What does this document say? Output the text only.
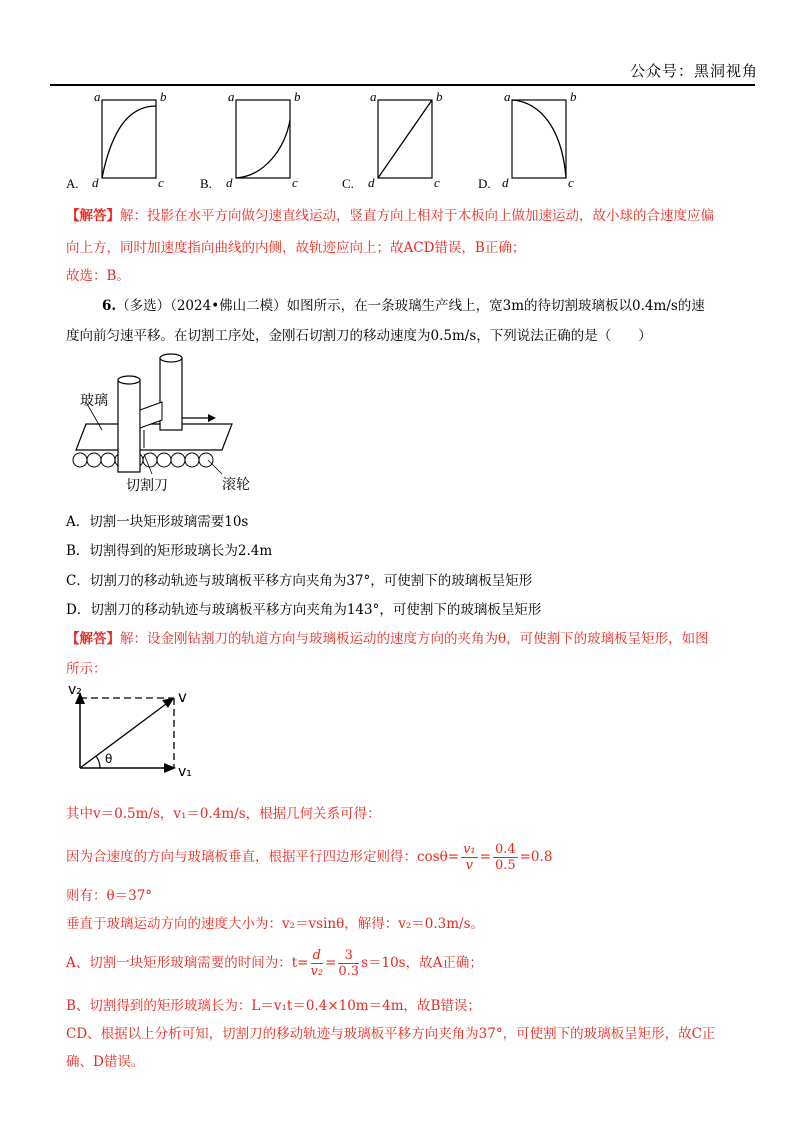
公众号：黑洞视角
A.
a	b
d	c	B.
a	b
d	c	C.
a	b
d	c	D.
a	b
d	c
【解答】解：投影在水平方向做匀速直线运动，竖直方向上相对于木板向上做加速运动，故小球的合速度应偏
向上方，同时加速度指向曲线的内侧，故轨迹应向上；故ACD错误，B正确；
故选：B。
6.（多选）（2024•佛山二模）如图所示，在一条玻璃生产线上，宽3m的待切割玻璃板以0.4m/s的速
度向前匀速平移。在切割工序处，金刚石切割刀的移动速度为0.5m/s，下列说法正确的是（　　）
玻璃
切割刀	滚轮
A．切割一块矩形玻璃需要10s
B．切割得到的矩形玻璃长为2.4m
C．切割刀的移动轨迹与玻璃板平移方向夹角为37°，可使割下的玻璃板呈矩形
D．切割刀的移动轨迹与玻璃板平移方向夹角为143°，可使割下的玻璃板呈矩形
【解答】解：设金刚钻割刀的轨道方向与玻璃板运动的速度方向的夹角为θ，可使割下的玻璃板呈矩形，如图
所示：
v₂	v
v₁
θ
其中v＝0.5m/s，v₁＝0.4m/s，根据几何关系可得：
因为合速度的方向与玻璃板垂直，根据平行四边形定则得：$\cos\theta= \frac{\text{v₁}}{v} = \frac{0.4}{0.5} =0.8$
则有：θ＝37°
垂直于玻璃运动方向的速度大小为：v₂＝vsinθ，解得：v₂＝0.3m/s。
A、切割一块矩形玻璃需要的时间为：$t= \frac{d}{\text{v₂}} = \frac{3}{0.3} s=10s$，故A正确；
B、切割得到的矩形玻璃长为：L＝v₁t＝0.4×10m＝4m，故B错误；
CD、根据以上分析可知，切割刀的移动轨迹与玻璃板平移方向夹角为37°，可使割下的玻璃板呈矩形，故C正
确、D错误。
